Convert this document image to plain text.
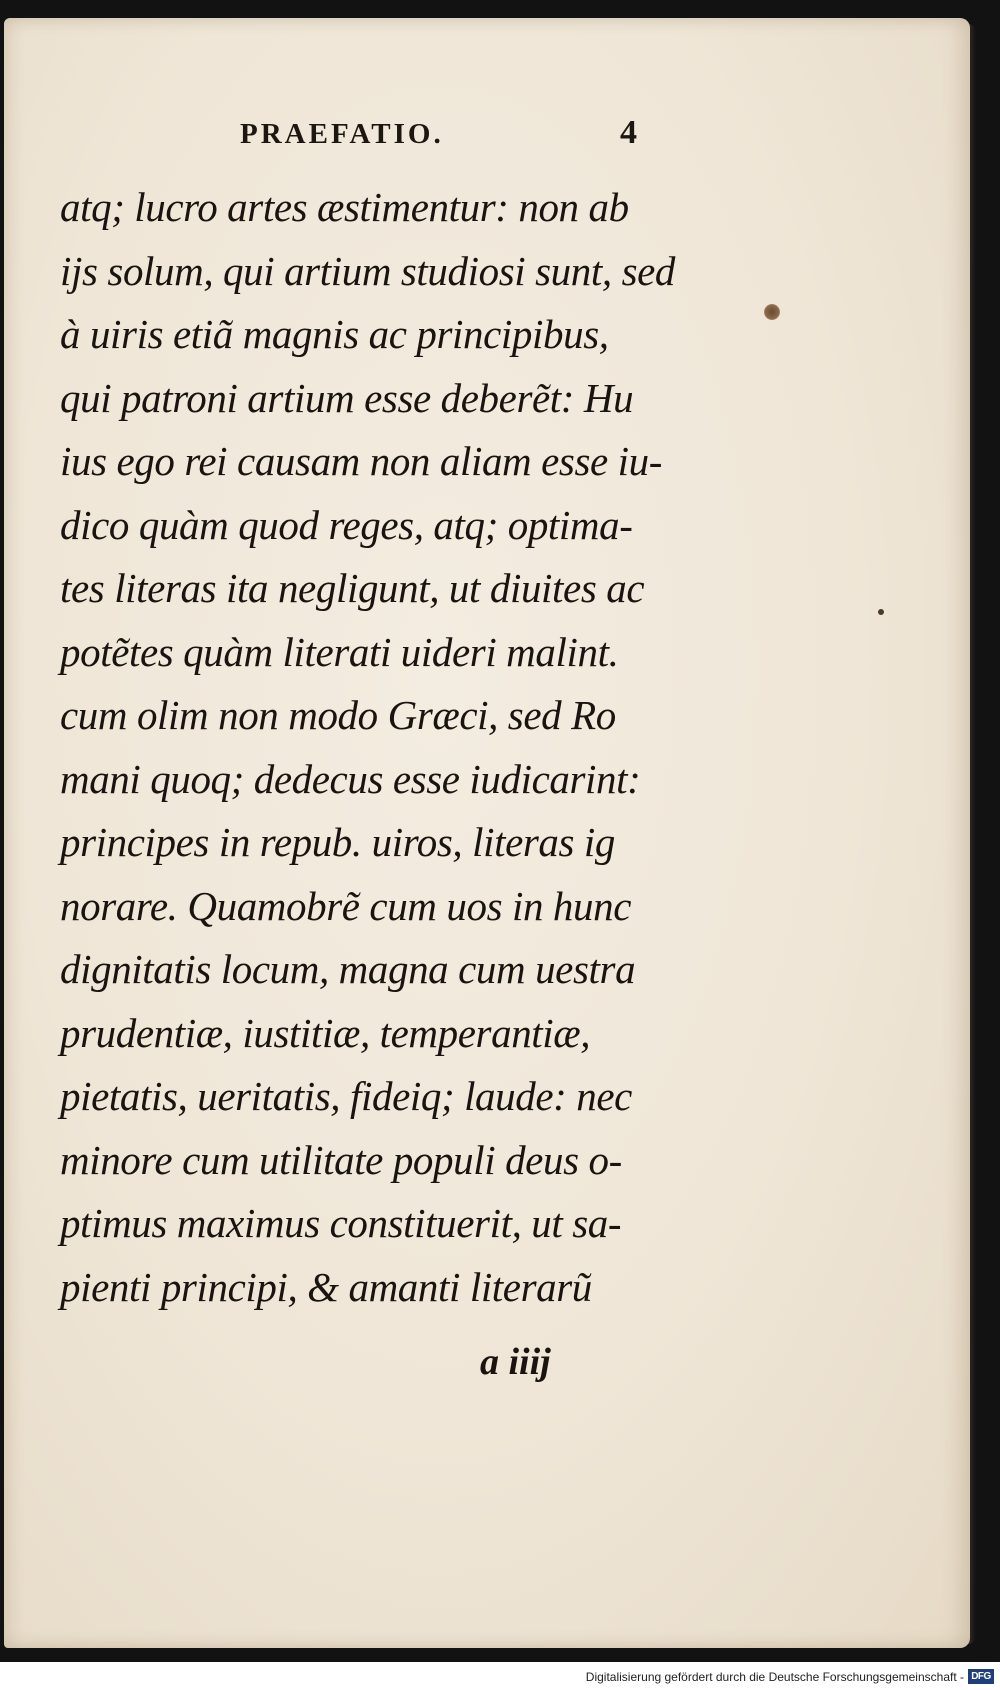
PRAEFATIO.	4
atq; lucro artes æstimentur: non ab
ijs solum, qui artium studiosi sunt, sed
à uiris etiã magnis ac principibus,
qui patroni artium esse deberẽt: Hu
ius ego rei causam non aliam esse iu-
dico quàm quod reges, atq; optima-
tes literas ita negligunt, ut diuites ac
potẽtes quàm literati uideri malint.
cum olim non modo Græci, sed Ro
mani quoq; dedecus esse iudicarint:
principes in repub. uiros, literas ig
norare. Quamobrẽ cum uos in hunc
dignitatis locum, magna cum uestra
prudentiæ, iustitiæ, temperantiæ,
pietatis, ueritatis, fideiq; laude: nec
minore cum utilitate populi deus o-
ptimus maximus constituerit, ut sa-
pienti principi, & amanti literarũ
a iiij
Digitalisierung gefördert durch die Deutsche Forschungsgemeinschaft - DFG
